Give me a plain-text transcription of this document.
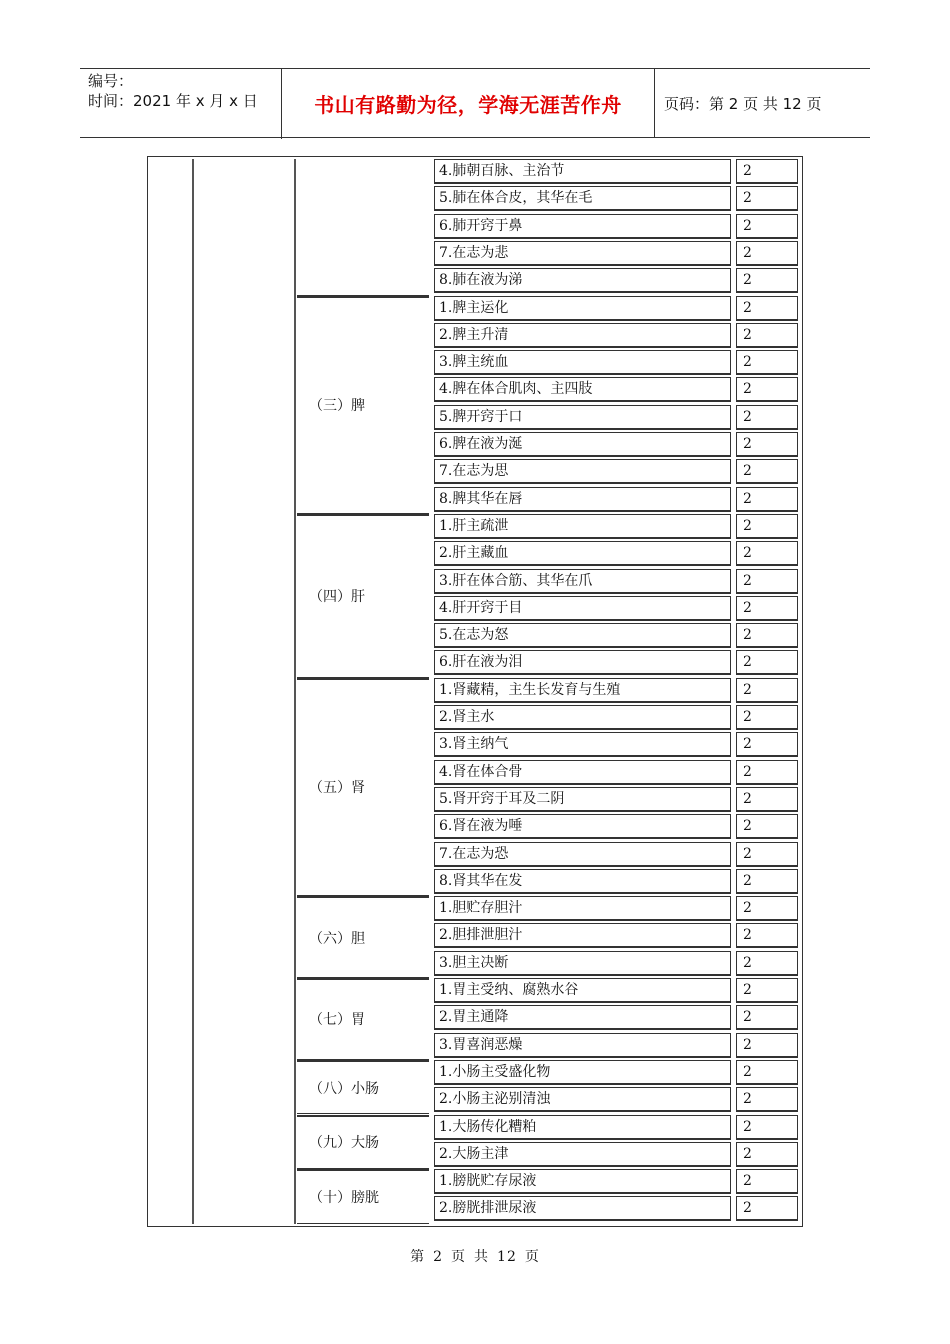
编号：
时间：2021 年 x 月 x 日	书山有路勤为径，学海无涯苦作舟	页码：第 2 页 共 12 页
4.肺朝百脉、主治节	2
5.肺在体合皮，其华在毛	2
6.肺开窍于鼻	2
7.在志为悲	2
8.肺在液为涕	2
（三）脾
1.脾主运化	2
2.脾主升清	2
3.脾主统血	2
4.脾在体合肌肉、主四肢	2
5.脾开窍于口	2
6.脾在液为涎	2
7.在志为思	2
8.脾其华在唇	2
（四）肝
1.肝主疏泄	2
2.肝主藏血	2
3.肝在体合筋、其华在爪	2
4.肝开窍于目	2
5.在志为怒	2
6.肝在液为泪	2
（五）肾
1.肾藏精，主生长发育与生殖	2
2.肾主水	2
3.肾主纳气	2
4.肾在体合骨	2
5.肾开窍于耳及二阴	2
6.肾在液为唾	2
7.在志为恐	2
8.肾其华在发	2
（六）胆
1.胆贮存胆汁	2
2.胆排泄胆汁	2
3.胆主决断	2
（七）胃
1.胃主受纳、腐熟水谷	2
2.胃主通降	2
3.胃喜润恶燥	2
（八）小肠
1.小肠主受盛化物	2
2.小肠主泌别清浊	2
（九）大肠
1.大肠传化糟粕	2
2.大肠主津	2
（十）膀胱
1.膀胱贮存尿液	2
2.膀胱排泄尿液	2
第 2 页 共 12 页
